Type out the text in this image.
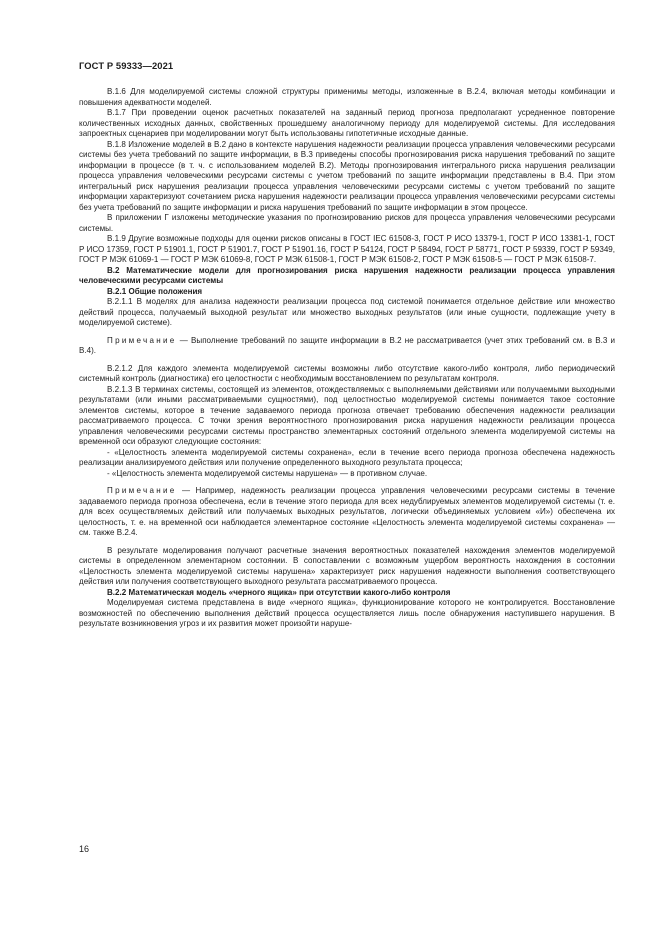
ГОСТ Р 59333—2021

В.1.6 Для моделируемой системы сложной структуры применимы методы, изложенные в В.2.4, включая методы комбинации и повышения адекватности моделей.

В.1.7 При проведении оценок расчетных показателей на заданный период прогноза предполагают усредненное повторение количественных исходных данных, свойственных прошедшему аналогичному периоду для моделируемой системы. Для исследования запроектных сценариев при моделировании могут быть использованы гипотетичные исходные данные.

В.1.8 Изложение моделей в В.2 дано в контексте нарушения надежности реализации процесса управления человеческими ресурсами системы без учета требований по защите информации, в В.3 приведены способы прогнозирования риска нарушения требований по защите информации в процессе (в т. ч. с использованием моделей В.2). Методы прогнозирования интегрального риска нарушения реализации процесса управления человеческими ресурсами системы с учетом требований по защите информации представлены в В.4. При этом интегральный риск нарушения реализации процесса управления человеческими ресурсами системы с учетом требований по защите информации характеризуют сочетанием риска нарушения надежности реализации процесса управления человеческими ресурсами системы без учета требований по защите информации и риска нарушения требований по защите информации в этом процессе.

В приложении Г изложены методические указания по прогнозированию рисков для процесса управления человеческими ресурсами системы.

В.1.9 Другие возможные подходы для оценки рисков описаны в ГОСТ IEC 61508-3, ГОСТ Р ИСО 13379-1, ГОСТ Р ИСО 13381-1, ГОСТ Р ИСО 17359, ГОСТ Р 51901.1, ГОСТ Р 51901.7, ГОСТ Р 51901.16, ГОСТ Р 54124, ГОСТ Р 58494, ГОСТ Р 58771, ГОСТ Р 59339, ГОСТ Р 59349, ГОСТ Р МЭК 61069-1 — ГОСТ Р МЭК 61069-8, ГОСТ Р МЭК 61508-1, ГОСТ Р МЭК 61508-2, ГОСТ Р МЭК 61508-5 — ГОСТ Р МЭК 61508-7.

В.2 Математические модели для прогнозирования риска нарушения надежности реализации процесса управления человеческими ресурсами системы

В.2.1 Общие положения

В.2.1.1 В моделях для анализа надежности реализации процесса под системой понимается отдельное действие или множество действий процесса, получаемый выходной результат или множество выходных результатов (или иные сущности, подлежащие учету в моделируемой системе).

Примечание — Выполнение требований по защите информации в В.2 не рассматривается (учет этих требований см. в В.3 и В.4).

В.2.1.2 Для каждого элемента моделируемой системы возможны либо отсутствие какого-либо контроля, либо периодический системный контроль (диагностика) его целостности с необходимым восстановлением по результатам контроля.

В.2.1.3 В терминах системы, состоящей из элементов, отождествляемых с выполняемыми действиями или получаемыми выходными результатами (или иными рассматриваемыми сущностями), под целостностью моделируемой системы понимается такое состояние элементов системы, которое в течение задаваемого периода прогноза отвечает требованию обеспечения надежности реализации рассматриваемого процесса. С точки зрения вероятностного прогнозирования риска нарушения надежности реализации процесса управления человеческими ресурсами системы пространство элементарных состояний отдельного элемента моделируемой системы на временной оси образуют следующие состояния:

- «Целостность элемента моделируемой системы сохранена», если в течение всего периода прогноза обеспечена надежность реализации анализируемого действия или получение определенного выходного результата процесса;

- «Целостность элемента моделируемой системы нарушена» — в противном случае.

Примечание — Например, надежность реализации процесса управления человеческими ресурсами системы в течение задаваемого периода прогноза обеспечена, если в течение этого периода для всех недублируемых элементов моделируемой системы (т. е. для всех осуществляемых действий или получаемых выходных результатов, логически объединяемых условием «И») обеспечена их целостность, т. е. на временной оси наблюдается элементарное состояние «Целостность элемента моделируемой системы сохранена» — см. также В.2.4.

В результате моделирования получают расчетные значения вероятностных показателей нахождения элементов моделируемой системы в определенном элементарном состоянии. В сопоставлении с возможным ущербом вероятность нахождения в состоянии «Целостность элемента моделируемой системы нарушена» характеризует риск нарушения надежности выполнения соответствующего действия или получения соответствующего выходного результата рассматриваемого процесса.

В.2.2 Математическая модель «черного ящика» при отсутствии какого-либо контроля

Моделируемая система представлена в виде «черного ящика», функционирование которого не контролируется. Восстановление возможностей по обеспечению выполнения действий процесса осуществляется лишь после обнаружения наступившего нарушения. В результате возникновения угроз и их развития может произойти наруше-

16
